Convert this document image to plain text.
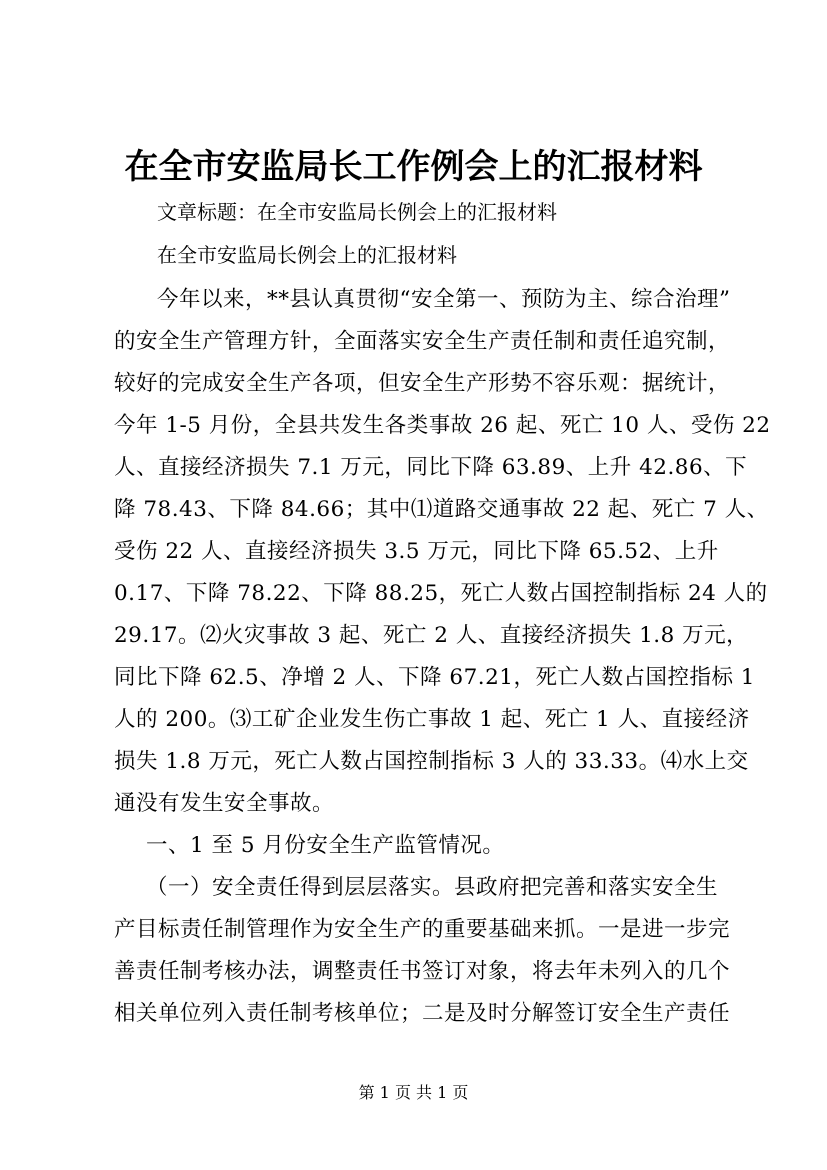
在全市安监局长工作例会上的汇报材料

文章标题：在全市安监局长例会上的汇报材料

在全市安监局长例会上的汇报材料

今年以来，**县认真贯彻“安全第一、预防为主、综合治理”

的安全生产管理方针，全面落实安全生产责任制和责任追究制，

较好的完成安全生产各项，但安全生产形势不容乐观：据统计，

今年 1-5 月份，全县共发生各类事故 26 起、死亡 10 人、受伤 22

人、直接经济损失 7.1 万元，同比下降 63.89、上升 42.86、下

降 78.43、下降 84.66；其中⑴道路交通事故 22 起、死亡 7 人、

受伤 22 人、直接经济损失 3.5 万元，同比下降 65.52、上升

0.17、下降 78.22、下降 88.25，死亡人数占国控制指标 24 人的

29.17。⑵火灾事故 3 起、死亡 2 人、直接经济损失 1.8 万元，

同比下降 62.5、净增 2 人、下降 67.21，死亡人数占国控指标 1

人的 200。⑶工矿企业发生伤亡事故 1 起、死亡 1 人、直接经济

损失 1.8 万元，死亡人数占国控制指标 3 人的 33.33。⑷水上交

通没有发生安全事故。

一、1 至 5 月份安全生产监管情况。

（一）安全责任得到层层落实。县政府把完善和落实安全生

产目标责任制管理作为安全生产的重要基础来抓。一是进一步完

善责任制考核办法，调整责任书签订对象，将去年未列入的几个

相关单位列入责任制考核单位；二是及时分解签订安全生产责任

第 1 页 共 1 页
